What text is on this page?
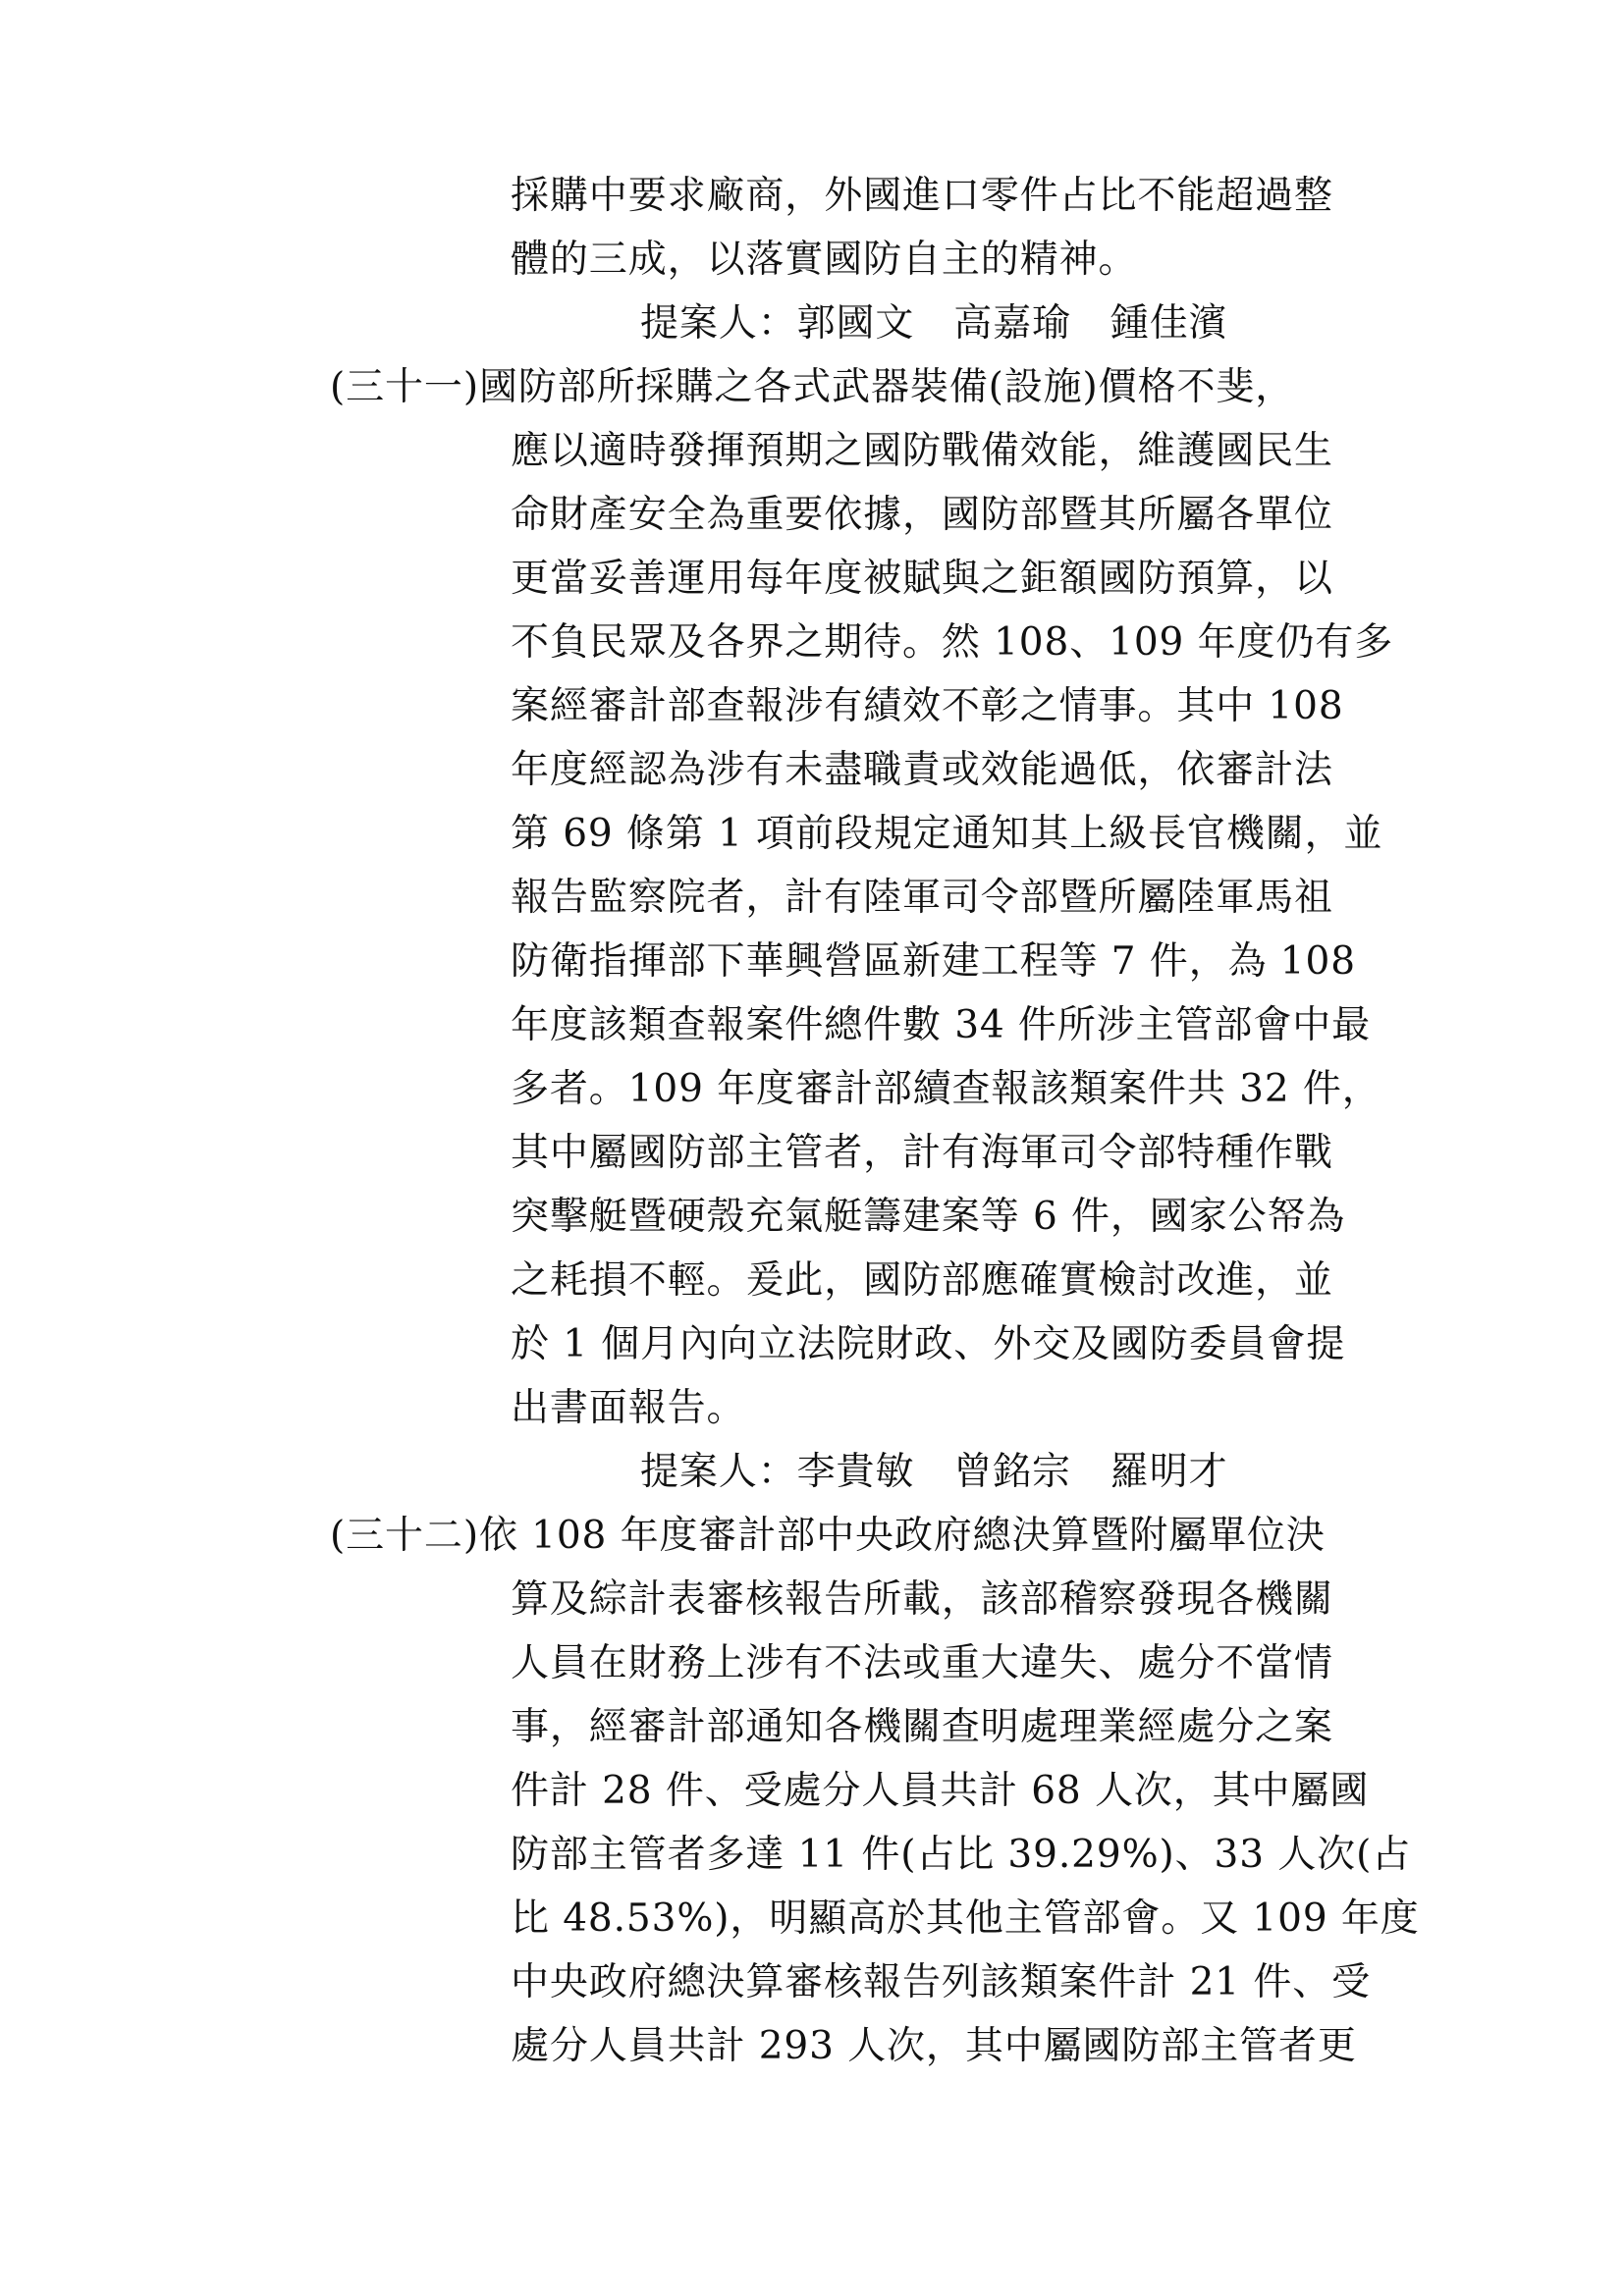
採購中要求廠商，外國進口零件占比不能超過整
體的三成，以落實國防自主的精神。
提案人：郭國文　高嘉瑜　鍾佳濱
(三十一)國防部所採購之各式武器裝備(設施)價格不斐，
應以適時發揮預期之國防戰備效能，維護國民生
命財產安全為重要依據，國防部暨其所屬各單位
更當妥善運用每年度被賦與之鉅額國防預算，以
不負民眾及各界之期待。然 108、109 年度仍有多
案經審計部查報涉有績效不彰之情事。其中 108
年度經認為涉有未盡職責或效能過低，依審計法
第 69 條第 1 項前段規定通知其上級長官機關，並
報告監察院者，計有陸軍司令部暨所屬陸軍馬祖
防衛指揮部下華興營區新建工程等 7 件，為 108
年度該類查報案件總件數 34 件所涉主管部會中最
多者。109 年度審計部續查報該類案件共 32 件，
其中屬國防部主管者，計有海軍司令部特種作戰
突擊艇暨硬殼充氣艇籌建案等 6 件，國家公帑為
之耗損不輕。爰此，國防部應確實檢討改進，並
於 1 個月內向立法院財政、外交及國防委員會提
出書面報告。
提案人：李貴敏　曾銘宗　羅明才
(三十二)依 108 年度審計部中央政府總決算暨附屬單位決
算及綜計表審核報告所載，該部稽察發現各機關
人員在財務上涉有不法或重大違失、處分不當情
事，經審計部通知各機關查明處理業經處分之案
件計 28 件、受處分人員共計 68 人次，其中屬國
防部主管者多達 11 件(占比 39.29%)、33 人次(占
比 48.53%)，明顯高於其他主管部會。又 109 年度
中央政府總決算審核報告列該類案件計 21 件、受
處分人員共計 293 人次，其中屬國防部主管者更
